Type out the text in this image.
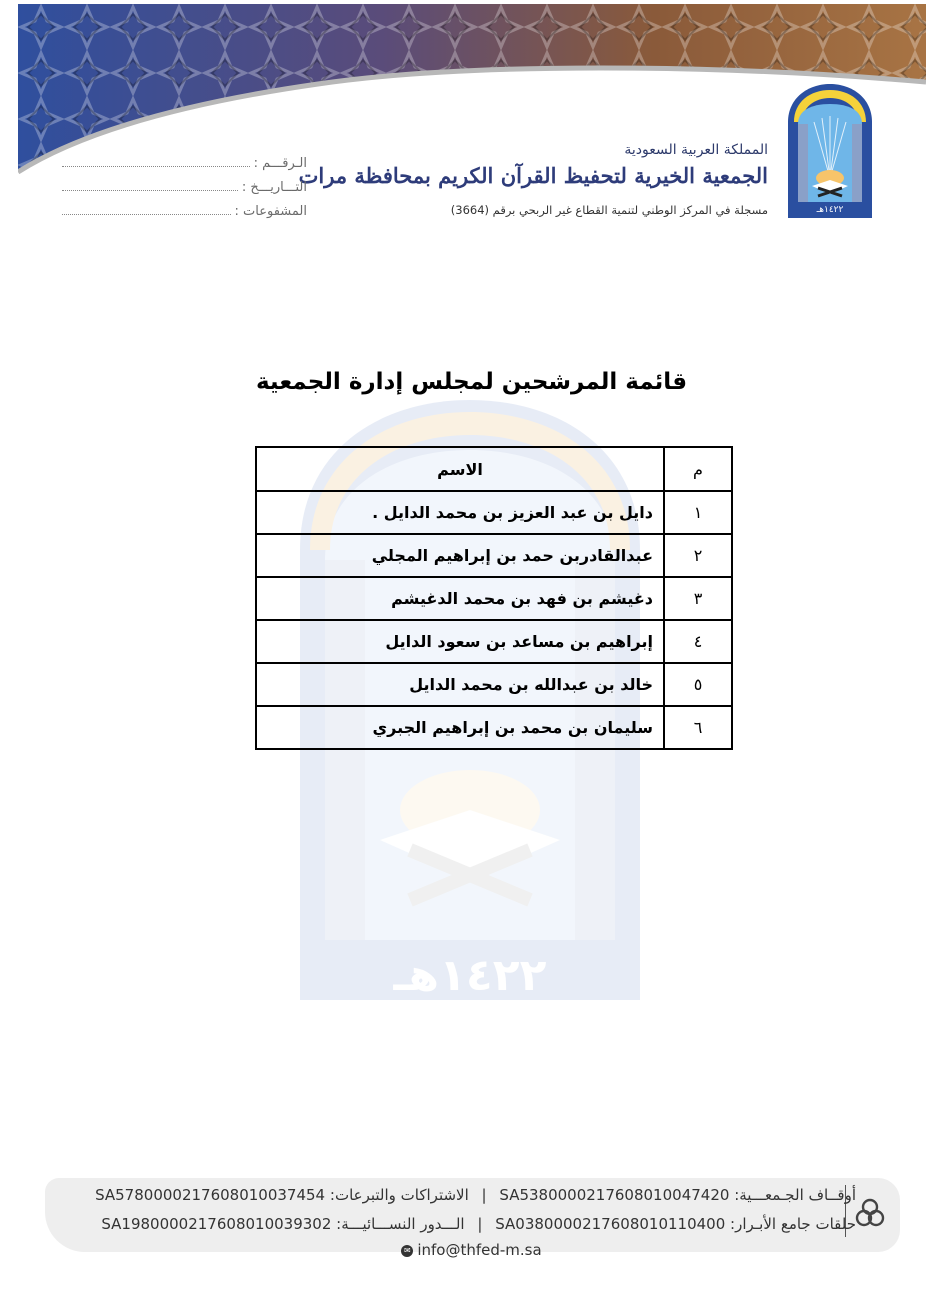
١٤٢٢هـ
المملكة العربية السعودية
الجمعية الخيرية لتحفيظ القرآن الكريم بمحافظة مرات
مسجلة في المركز الوطني لتنمية القطاع غير الربحي برقم (3664)
الـرقـــم :
التـــاريـــخ :
المشفوعات :
١٤٢٢هـ
قائمة المرشحين لمجلس إدارة الجمعية
م	الاسم
١	دايل بن عبد العزيز بن محمد الدايل .
٢	عبدالقادربن حمد بن إبراهيم المجلي
٣	دغيشم بن فهد بن محمد الدغيشم
٤	إبراهيم بن مساعد بن سعود الدايل
٥	خالد بن عبدالله بن محمد الدايل
٦	سليمان بن محمد بن إبراهيم الجبري
أوقــاف الجـمعـــية: SA5380000217608010047420 | الاشتراكات والتبرعات: SA5780000217608010037454
حلقات جامع الأبـرار: SA0380000217608010110400 | الـــدور النســـائيـــة: SA1980000217608010039302
✉ info@thfed-m.sa
